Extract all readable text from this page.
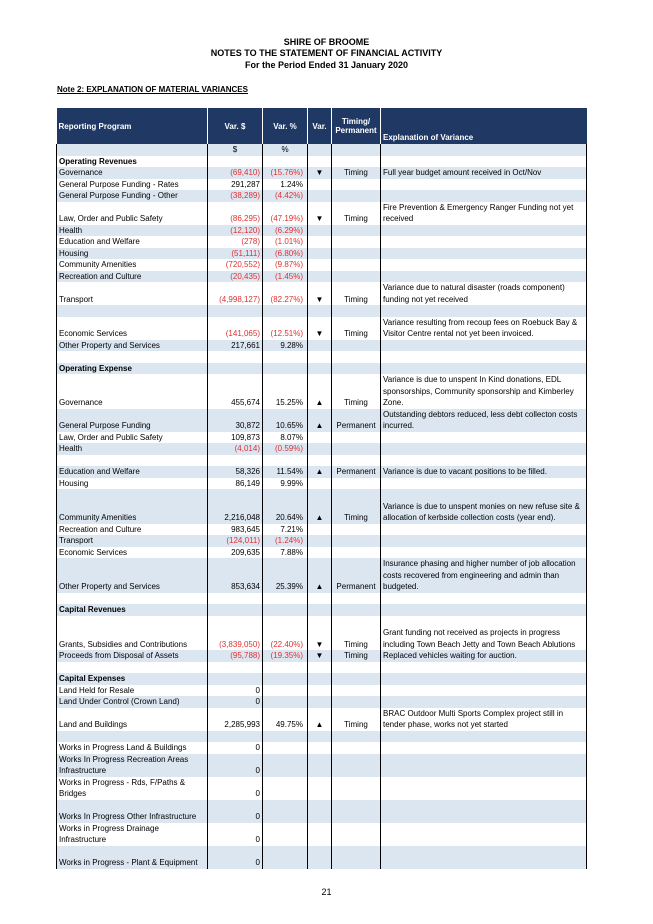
SHIRE OF BROOME
NOTES TO THE STATEMENT OF FINANCIAL ACTIVITY
For the Period Ended 31 January 2020
Note 2: EXPLANATION OF MATERIAL VARIANCES
Reporting Program	Var. $	Var. %	Var.	Timing/ Permanent	Explanation of Variance
	$	%			
Operating Revenues					
Governance	(69,410)	(15.76%)	▼	Timing	Full year budget amount received in Oct/Nov
General Purpose Funding - Rates	291,287	1.24%			
General Purpose Funding - Other	(38,289)	(4.42%)			
Law, Order and Public Safety	(86,295)	(47.19%)	▼	Timing	Fire Prevention & Emergency Ranger Funding not yet received
Health	(12,120)	(6.29%)			
Education and Welfare	(278)	(1.01%)			
Housing	(51,111)	(6.80%)			
Community Amenities	(720,552)	(9.87%)			
Recreation and Culture	(20,435)	(1.45%)			
Transport	(4,998,127)	(82.27%)	▼	Timing	Variance due to natural disaster (roads component) funding not yet received

Economic Services	(141,065)	(12.51%)	▼	Timing	Variance resulting from recoup fees on Roebuck Bay & Visitor Centre rental not yet been invoiced.
Other Property and Services	217,661	9.28%			

Operating Expense					
Governance	455,674	15.25%	▲	Timing	Variance is due to unspent In Kind donations, EDL sponsorships, Community sponsorship and Kimberley Zone.
General Purpose Funding	30,872	10.65%	▲	Permanent	Outstanding debtors reduced, less debt collecton costs incurred.
Law, Order and Public Safety	109,873	8.07%			
Health	(4,014)	(0.59%)			

Education and Welfare	58,326	11.54%	▲	Permanent	Variance is due to vacant positions to be filled.
Housing	86,149	9.99%			
Community Amenities	2,216,048	20.64%	▲	Timing	Variance is due to unspent monies on new refuse site & allocation of kerbside collection costs (year end).
Recreation and Culture	983,645	7.21%			
Transport	(124,011)	(1.24%)			
Economic Services	209,635	7.88%			
Other Property and Services	853,634	25.39%	▲	Permanent	Insurance phasing and higher number of job allocation costs recovered from engineering and admin than budgeted.

Capital Revenues					
Grants, Subsidies and Contributions	(3,839,050)	(22.40%)	▼	Timing	Grant funding not received as projects in progress including Town Beach Jetty and Town Beach Ablutions
Proceeds from Disposal of Assets	(95,788)	(19.35%)	▼	Timing	Replaced vehicles waiting for auction.

Capital Expenses					
Land Held for Resale	0				
Land Under Control (Crown Land)	0				
Land and Buildings	2,285,993	49.75%	▲	Timing	BRAC Outdoor Multi Sports Complex project still in tender phase, works not yet started

Works in Progress Land & Buildings	0				
Works In Progress Recreation Areas Infrastructure	0				
Works in Progress - Rds, F/Paths & Bridges	0				
Works In Progress Other Infrastructure	0				
Works in Progress Drainage Infrastructure	0				
Works in Progress - Plant & Equipment	0				
21
